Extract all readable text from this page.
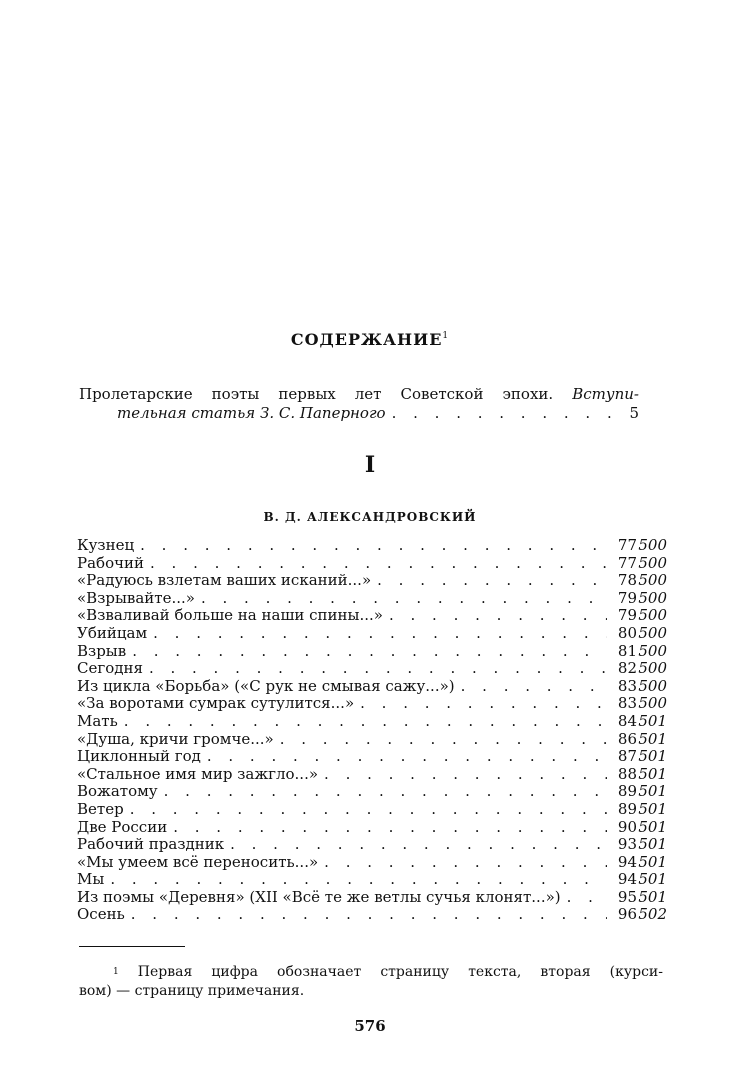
СОДЕРЖАНИЕ$^1$
Пролетарские поэты первых лет Советской эпохи. Вступи-
тельная статья З. С. Паперного . . .	5
I
В. Д. АЛЕКСАНДРОВСКИЙ
Кузнец . . .	77 500
Рабочий . . .	77 500
«Радуюсь взлетам ваших исканий...» . . .	78 500
«Взрывайте...» . . .	79 500
«Взваливай больше на наши спины...» . . .	79 500
Убийцам . . .	80 500
Взрыв . . .	81 500
Сегодня . . .	82 500
Из цикла «Борьба» («С рук не смывая сажу...») . . .	83 500
«За воротами сумрак сутулится...» . . .	83 500
Мать . . .	84 501
«Душа, кричи громче...» . . .	86 501
Циклонный год . . .	87 501
«Стальное имя мир зажгло...» . . .	88 501
Вожатому . . .	89 501
Ветер . . .	89 501
Две России . . .	90 501
Рабочий праздник . . .	93 501
«Мы умеем всё переносить...» . . .	94 501
Мы . . .	94 501
Из поэмы «Деревня» (XII «Всё те же ветлы сучья клонят...») . . .	95 501
Осень . . .	96 502
$^1$ Первая цифра обозначает страницу текста, вторая (курси-
вом) — страницу примечания.
576
